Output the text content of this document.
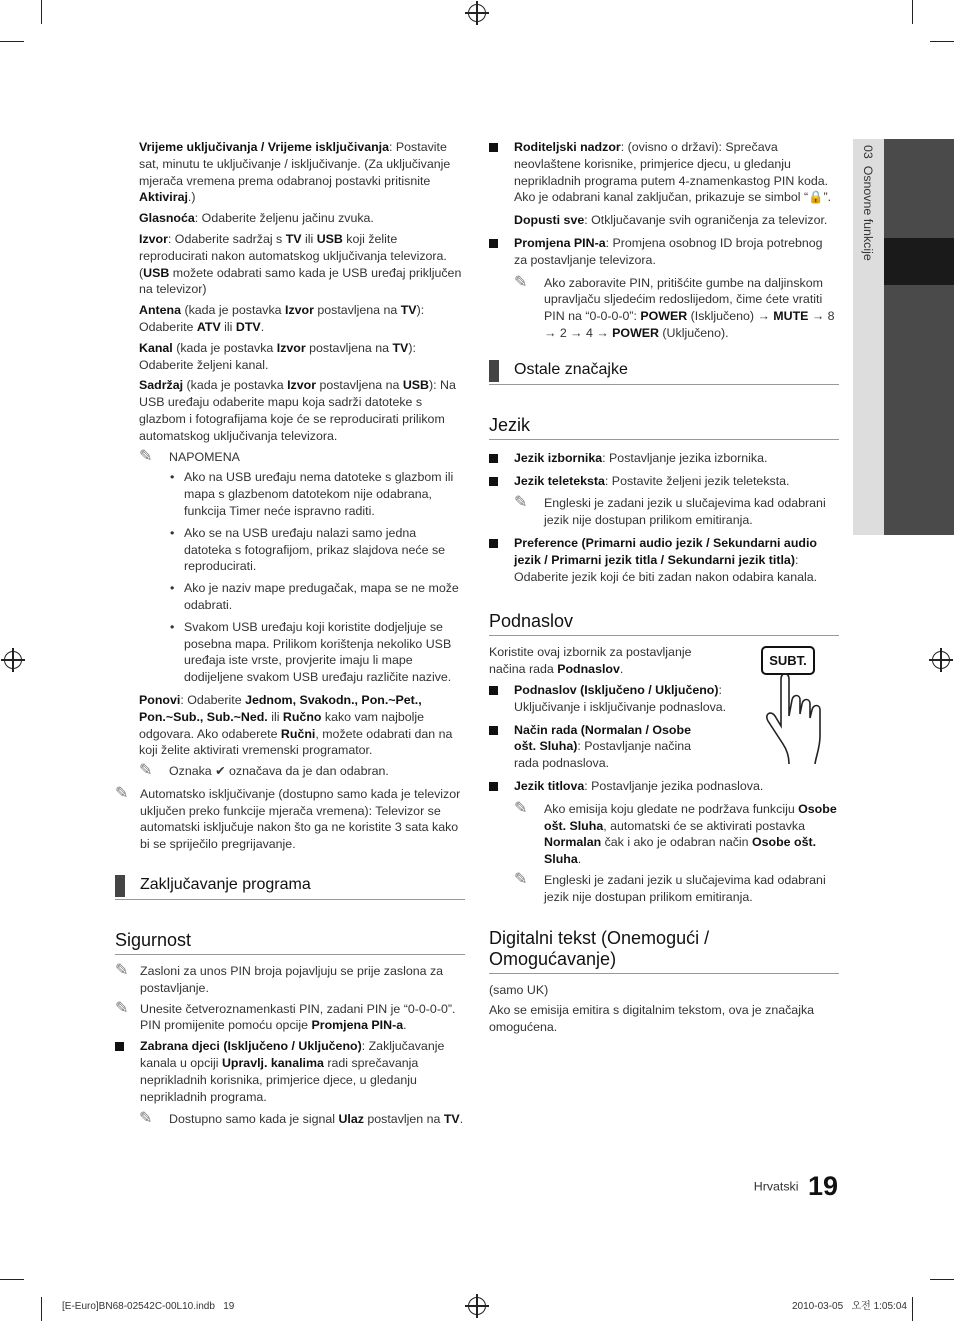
03  Osnovne funkcije

Vrijeme uključivanja / Vrijeme isključivanja: Postavite sat, minutu te uključivanje / isključivanje. (Za uključivanje mjerača vremena prema odabranoj postavki pritisnite Aktiviraj.)

Glasnoća: Odaberite željenu jačinu zvuka.

Izvor: Odaberite sadržaj s TV ili USB koji želite reproducirati nakon automatskog uključivanja televizora. (USB možete odabrati samo kada je USB uređaj priključen na televizor)

Antena (kada je postavka Izvor postavljena na TV): Odaberite ATV ili DTV.

Kanal (kada je postavka Izvor postavljena na TV): Odaberite željeni kanal.

Sadržaj (kada je postavka Izvor postavljena na USB): Na USB uređaju odaberite mapu koja sadrži datoteke s glazbom i fotografijama koje će se reproducirati prilikom automatskog uključivanja televizora.

✎ NAPOMENA
• Ako na USB uređaju nema datoteke s glazbom ili mapa s glazbenom datotekom nije odabrana, funkcija Timer neće ispravno raditi.
• Ako se na USB uređaju nalazi samo jedna datoteka s fotografijom, prikaz slajdova neće se reproducirati.
• Ako je naziv mape predugačak, mapa se ne može odabrati.
• Svakom USB uređaju koji koristite dodjeljuje se posebna mapa. Prilikom korištenja nekoliko USB uređaja iste vrste, provjerite imaju li mape dodijeljene svakom USB uređaju različite nazive.

Ponovi: Odaberite Jednom, Svakodn., Pon.~Pet., Pon.~Sub., Sub.~Ned. ili Ručno kako vam najbolje odgovara. Ako odaberete Ručni, možete odabrati dan na koji želite aktivirati vremenski programator.

✎ Oznaka ✔ označava da je dan odabran.
✎ Automatsko isključivanje (dostupno samo kada je televizor uključen preko funkcije mjerača vremena): Televizor se automatski isključuje nakon što ga ne koristite 3 sata kako bi se spriječilo pregrijavanje.
Zaključavanje programa
Sigurnost
✎ Zasloni za unos PIN broja pojavljuju se prije zaslona za postavljanje.
✎ Unesite četveroznamenkasti PIN, zadani PIN je “0-0-0-0”. PIN promijenite pomoću opcije Promjena PIN-a.
Zabrana djeci (Isključeno / Uključeno): Zaključavanje kanala u opciji Upravlj. kanalima radi sprečavanja neprikladnih korisnika, primjerice djece, u gledanju neprikladnih programa.
✎ Dostupno samo kada je signal Ulaz postavljen na TV.
Roditeljski nadzor: (ovisno o državi): Sprečava neovlaštene korisnike, primjerice djecu, u gledanju neprikladnih programa putem 4-znamenkastog PIN koda. Ako je odabrani kanal zaključan, prikazuje se simbol “🔒”.

Dopusti sve: Otključavanje svih ograničenja za televizor.

Promjena PIN-a: Promjena osobnog ID broja potrebnog za postavljanje televizora.
✎ Ako zaboravite PIN, pritišćite gumbe na daljinskom upravljaču sljedećim redoslijedom, čime ćete vratiti PIN na “0-0-0-0”: POWER (Isključeno) → MUTE → 8 → 2 → 4 → POWER (Uključeno).
Ostale značajke
Jezik
Jezik izbornika: Postavljanje jezika izbornika.
Jezik teleteksta: Postavite željeni jezik teleteksta.
✎ Engleski je zadani jezik u slučajevima kad odabrani jezik nije dostupan prilikom emitiranja.
Preference (Primarni audio jezik / Sekundarni audio jezik / Primarni jezik titla / Sekundarni jezik titla): Odaberite jezik koji će biti zadan nakon odabira kanala.
Podnaslov
SUBT.

Koristite ovaj izbornik za postavljanje načina rada Podnaslov.

Podnaslov (Isključeno / Uključeno): Uključivanje i isključivanje podnaslova.
Način rada (Normalan / Osobe ošt. Sluha): Postavljanje načina rada podnaslova.
Jezik titlova: Postavljanje jezika podnaslova.
✎ Ako emisija koju gledate ne podržava funkciju Osobe ošt. Sluha, automatski će se aktivirati postavka Normalan čak i ako je odabran način Osobe ošt. Sluha.
✎ Engleski je zadani jezik u slučajevima kad odabrani jezik nije dostupan prilikom emitiranja.
Digitalni tekst (Onemogući / Omogućavanje)

(samo UK)

Ako se emisija emitira s digitalnim tekstom, ova je značajka omogućena.

Hrvatski 19
[E-Euro]BN68-02542C-00L10.indb   19	2010-03-05   오전 1:05:04
